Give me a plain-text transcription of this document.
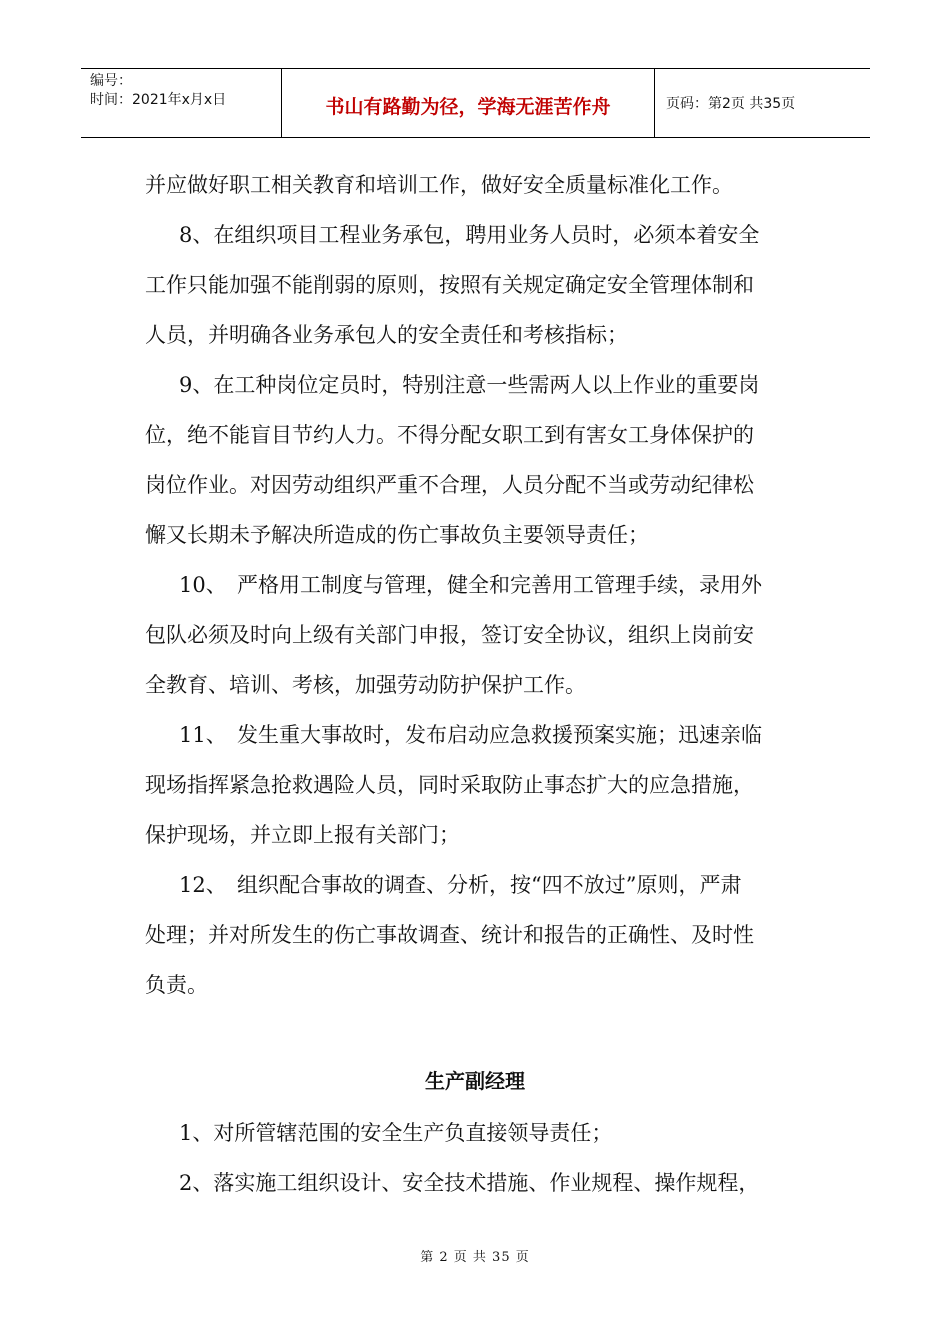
编号：
时间：2021年x月x日	书山有路勤为径，学海无涯苦作舟	页码：第2页 共35页
并应做好职工相关教育和培训工作，做好安全质量标准化工作。
8、在组织项目工程业务承包，聘用业务人员时，必须本着安全
工作只能加强不能削弱的原则，按照有关规定确定安全管理体制和
人员，并明确各业务承包人的安全责任和考核指标；
9、在工种岗位定员时，特别注意一些需两人以上作业的重要岗
位，绝不能盲目节约人力。不得分配女职工到有害女工身体保护的
岗位作业。对因劳动组织严重不合理，人员分配不当或劳动纪律松
懈又长期未予解决所造成的伤亡事故负主要领导责任；
10、 严格用工制度与管理，健全和完善用工管理手续，录用外
包队必须及时向上级有关部门申报，签订安全协议，组织上岗前安
全教育、培训、考核，加强劳动防护保护工作。
11、 发生重大事故时，发布启动应急救援预案实施；迅速亲临
现场指挥紧急抢救遇险人员，同时采取防止事态扩大的应急措施，
保护现场，并立即上报有关部门；
12、 组织配合事故的调查、分析，按“四不放过”原则，严肃
处理；并对所发生的伤亡事故调查、统计和报告的正确性、及时性
负责。
生产副经理
1、对所管辖范围的安全生产负直接领导责任；
2、落实施工组织设计、安全技术措施、作业规程、操作规程，
第 2 页 共 35 页
